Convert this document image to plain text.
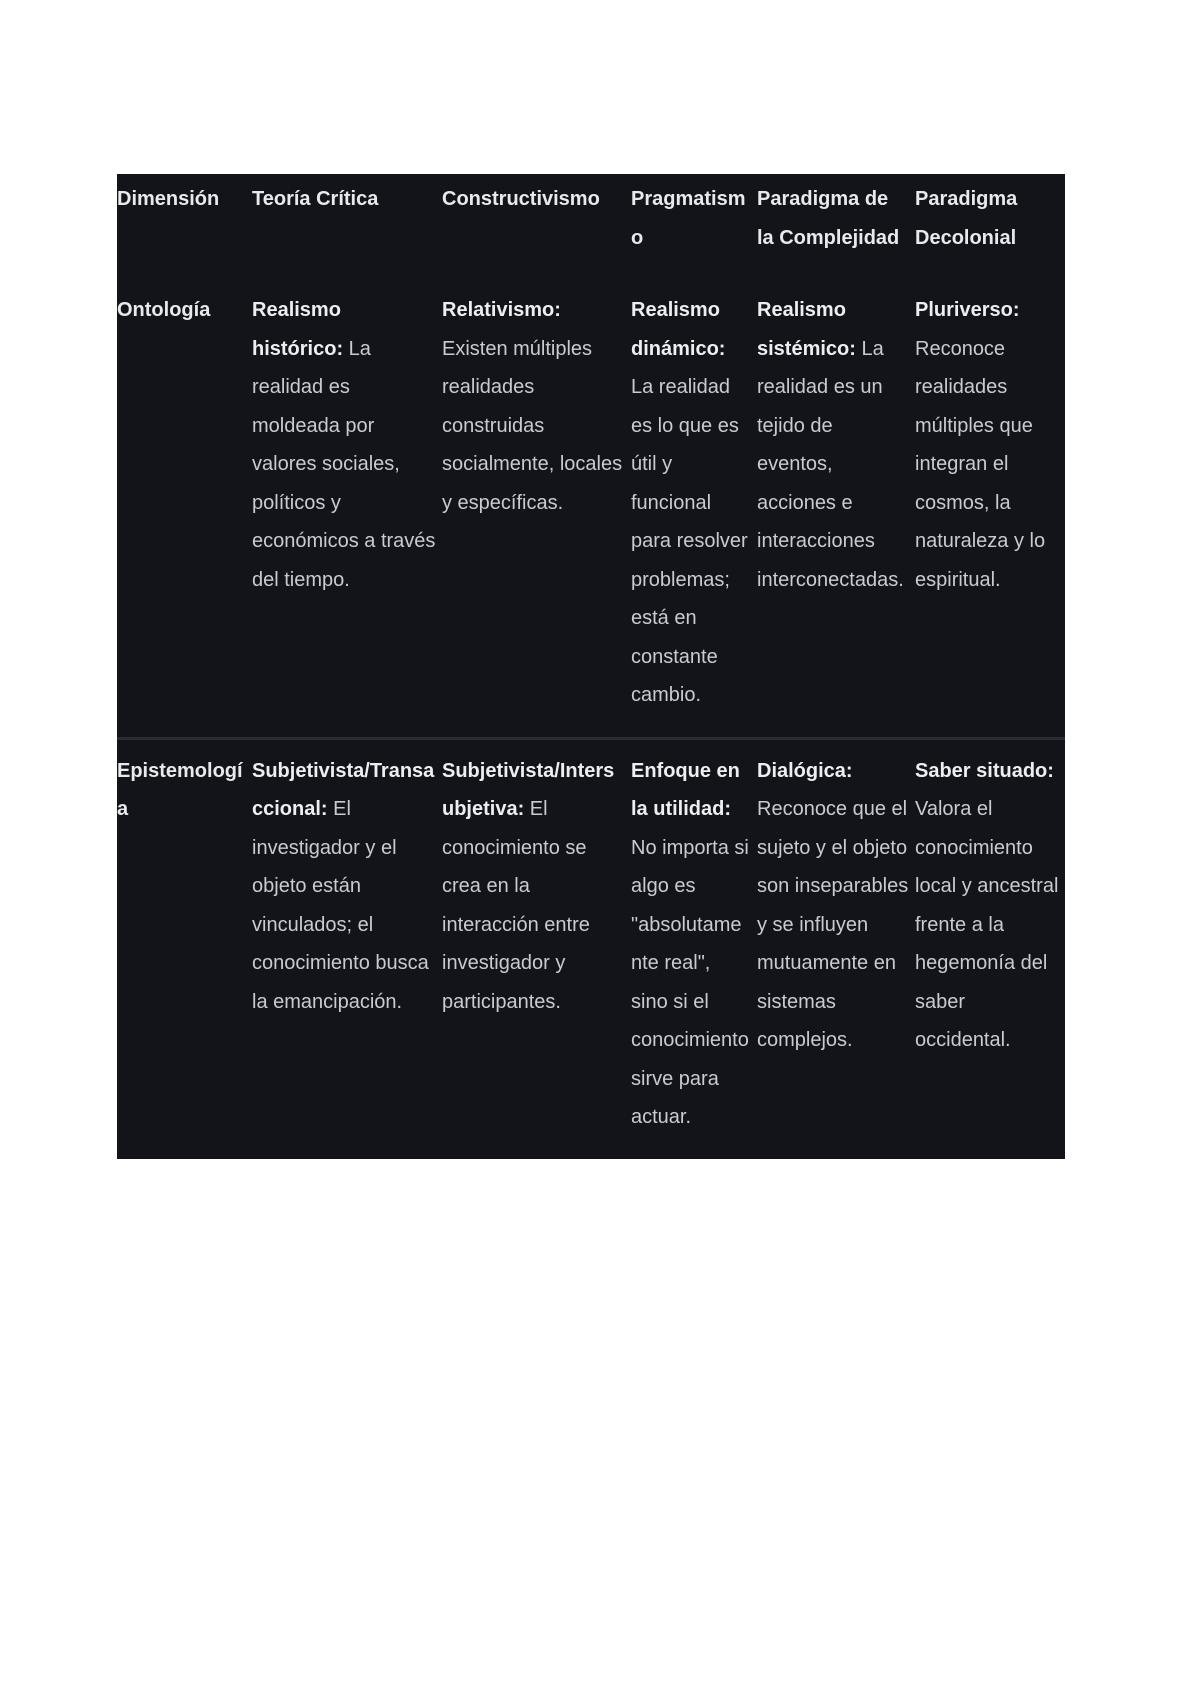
Dimensión	Teoría Crítica	Constructivismo	Pragmatismo	Paradigma de la Complejidad	Paradigma Decolonial

Ontología	Realismo histórico: La realidad es moldeada por valores sociales, políticos y económicos a través del tiempo.	Relativismo: Existen múltiples realidades construidas socialmente, locales y específicas.	Realismo dinámico: La realidad es lo que es útil y funcional para resolver problemas; está en constante cambio.	Realismo sistémico: La realidad es un tejido de eventos, acciones e interacciones interconectadas.	Pluriverso: Reconoce realidades múltiples que integran el cosmos, la naturaleza y lo espiritual.

Epistemología	Subjetivista/Transaccional: El investigador y el objeto están vinculados; el conocimiento busca la emancipación.	Subjetivista/Intersubjetiva: El conocimiento se crea en la interacción entre investigador y participantes.	Enfoque en la utilidad: No importa si algo es "absolutamente real", sino si el conocimiento sirve para actuar.	Dialógica: Reconoce que el sujeto y el objeto son inseparables y se influyen mutuamente en sistemas complejos.	Saber situado: Valora el conocimiento local y ancestral frente a la hegemonía del saber occidental.
